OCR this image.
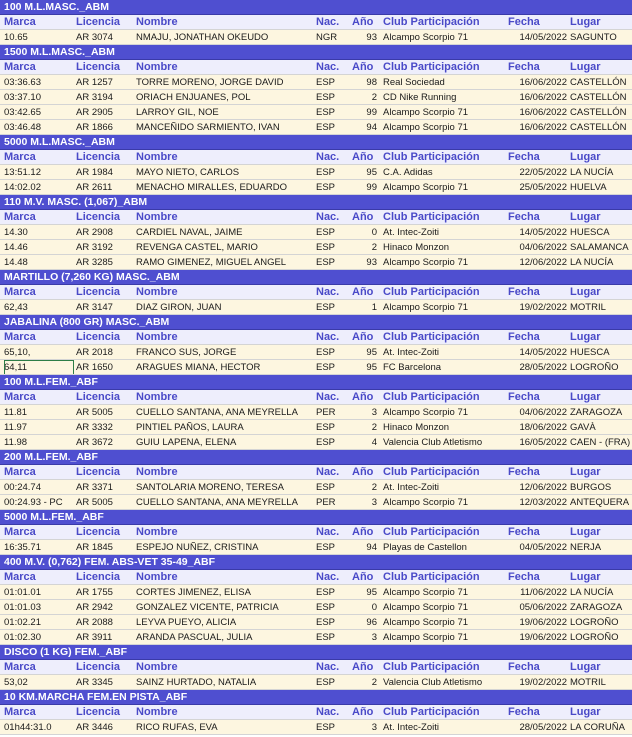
100 M.L.MASC._ABM
Marca	Licencia	Nombre	Nac.	Año Club Participación	Fecha	Lugar
10.65	AR 3074	NMAJU, JONATHAN OKEUDO	NGR	93 Alcampo Scorpio 71	14/05/2022 SAGUNTO
1500 M.L.MASC._ABM
Marca	Licencia	Nombre	Nac.	Año Club Participación	Fecha	Lugar
03:36.63	AR 1257	TORRE MORENO, JORGE DAVID	ESP	98 Real Sociedad	16/06/2022 CASTELLÓN
03:37.10	AR 3194	ORIACH ENJUANES, POL	ESP	2 CD Nike Running	16/06/2022 CASTELLÓN
03:42.65	AR 2905	LARROY GIL, NOE	ESP	99 Alcampo Scorpio 71	16/06/2022 CASTELLÓN
03:46.48	AR 1866	MANCEÑIDO SARMIENTO, IVAN	ESP	94 Alcampo Scorpio 71	16/06/2022 CASTELLÓN
5000 M.L.MASC._ABM
Marca	Licencia	Nombre	Nac.	Año Club Participación	Fecha	Lugar
13:51.12	AR 1984	MAYO NIETO, CARLOS	ESP	95 C.A. Adidas	22/05/2022 LA NUCÍA
14:02.02	AR 2611	MENACHO MIRALLES, EDUARDO	ESP	99 Alcampo Scorpio 71	25/05/2022 HUELVA
110 M.V. MASC. (1,067)_ABM
Marca	Licencia	Nombre	Nac.	Año Club Participación	Fecha	Lugar
14.30	AR 2908	CARDIEL NAVAL, JAIME	ESP	0 At. Intec-Zoiti	14/05/2022 HUESCA
14.46	AR 3192	REVENGA CASTEL, MARIO	ESP	2 Hinaco Monzon	04/06/2022 SALAMANCA
14.48	AR 3285	RAMO GIMENEZ, MIGUEL ANGEL	ESP	93 Alcampo Scorpio 71	12/06/2022 LA NUCÍA
MARTILLO (7,260 KG) MASC._ABM
Marca	Licencia	Nombre	Nac.	Año Club Participación	Fecha	Lugar
62,43	AR 3147	DIAZ GIRON, JUAN	ESP	1 Alcampo Scorpio 71	19/02/2022 MOTRIL
JABALINA (800 GR) MASC._ABM
Marca	Licencia	Nombre	Nac.	Año Club Participación	Fecha	Lugar
65,10,	AR 2018	FRANCO SUS, JORGE	ESP	95 At. Intec-Zoiti	14/05/2022 HUESCA
64,11	AR 1650	ARAGUES MIANA, HECTOR	ESP	95 FC Barcelona	28/05/2022 LOGROÑO
100 M.L.FEM._ABF
Marca	Licencia	Nombre	Nac.	Año Club Participación	Fecha	Lugar
11.81	AR 5005	CUELLO SANTANA, ANA MEYRELLA	PER	3 Alcampo Scorpio 71	04/06/2022 ZARAGOZA
11.97	AR 3332	PINTIEL PAÑOS, LAURA	ESP	2 Hinaco Monzon	18/06/2022 GAVÀ
11.98	AR 3672	GUIU LAPENA, ELENA	ESP	4 Valencia Club Atletismo	16/05/2022 CAEN - (FRA)
200 M.L.FEM._ABF
Marca	Licencia	Nombre	Nac.	Año Club Participación	Fecha	Lugar
00:24.74	AR 3371	SANTOLARIA MORENO, TERESA	ESP	2 At. Intec-Zoiti	12/06/2022 BURGOS
00:24.93 - PC	AR 5005	CUELLO SANTANA, ANA MEYRELLA	PER	3 Alcampo Scorpio 71	12/03/2022 ANTEQUERA
5000 M.L.FEM._ABF
Marca	Licencia	Nombre	Nac.	Año Club Participación	Fecha	Lugar
16:35.71	AR 1845	ESPEJO NUÑEZ, CRISTINA	ESP	94 Playas de Castellon	04/05/2022 NERJA
400 M.V. (0,762) FEM. ABS-VET 35-49_ABF
Marca	Licencia	Nombre	Nac.	Año Club Participación	Fecha	Lugar
01:01.01	AR 1755	CORTES JIMENEZ, ELISA	ESP	95 Alcampo Scorpio 71	11/06/2022 LA NUCÍA
01:01.03	AR 2942	GONZALEZ VICENTE, PATRICIA	ESP	0 Alcampo Scorpio 71	05/06/2022 ZARAGOZA
01:02.21	AR 2088	LEYVA PUEYO, ALICIA	ESP	96 Alcampo Scorpio 71	19/06/2022 LOGROÑO
01:02.30	AR 3911	ARANDA PASCUAL, JULIA	ESP	3 Alcampo Scorpio 71	19/06/2022 LOGROÑO
DISCO (1 KG) FEM._ABF
Marca	Licencia	Nombre	Nac.	Año Club Participación	Fecha	Lugar
53,02	AR 3345	SAINZ HURTADO, NATALIA	ESP	2 Valencia Club Atletismo	19/02/2022 MOTRIL
10 KM.MARCHA FEM.EN PISTA_ABF
Marca	Licencia	Nombre	Nac.	Año Club Participación	Fecha	Lugar
01h44:31.0	AR 3446	RICO RUFAS, EVA	ESP	3 At. Intec-Zoiti	28/05/2022 LA CORUÑA
